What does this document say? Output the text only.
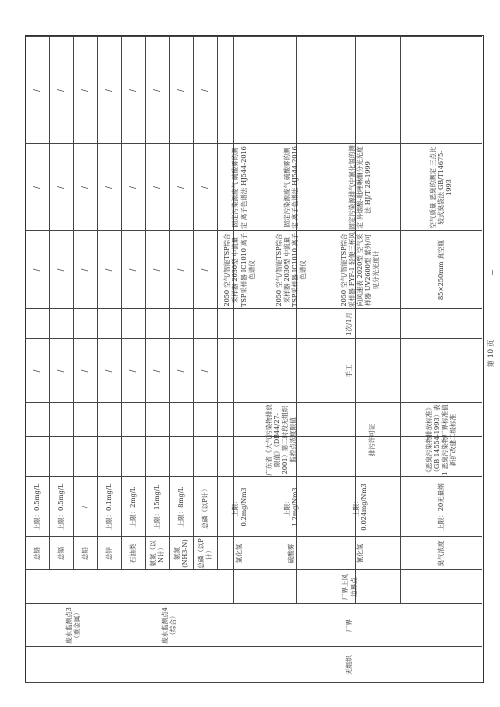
总铬
上限：0.5mg/L
/
/
/
/
总镉
上限：0.5mg/L
/
/
/
/
总铅
/
/
/
/
/
总锌
上限：0.1mg/L
/
/
/
/
石油类
上限：2mg/L
/
/
/
/
氨氮（以N计）
上限：15mg/L
/
/
/
/
氨氮(NH3-N)
上限：8mg/L
/
/
/
/
总磷（以P计）
总磷（以P计）
/
/
/
/
废水监测点3（重金属）	废水监测点4（综合）
无组织
厂界
厂界上风边界点
氯化氢
上限：0.2mg/Nm3
2050 空气/智能TSP综合采样器 2030型 中流量TSP采样器 IC1010 离子色谱仪
固定污染源废气 硫酸雾的测定 离子色谱法 HJ544-2016
硫酸雾
上限：1.2mg/Nm3
2050 空气/智能TSP综合采样器 2030型 中流量TSP采样器 IC1010 离子色谱仪
固定污染源废气 硫酸雾的测定 离子色谱法 HJ544-2016
氰化氢
上限：0.024mg/Nm3
2050 空气/智能TSP综合采样器 FYF-1 轻便三杯风向风速表 2020型 空气采样器 UV2600型 紫外/可见分光光度计
固定污染源排气中氰化氢的测定 异烟酸-吡唑啉酮分光光度法 HJ/T 28-1999
臭气浓度
上限：20无量纲
85×250mm 真空瓶
空气质量 恶臭的测定 三点比较式臭袋法 GB/T14675-1993
广东省《大气污染物排放限值》（DB44/27-2001）第二时段无组织监控点浓度限值	《恶臭污染物排放标准》（GB 14554-1993）表1 恶臭污染物厂界标准值新扩改建二级标准
排污许可证
手工
1次/1月
第 10 页
